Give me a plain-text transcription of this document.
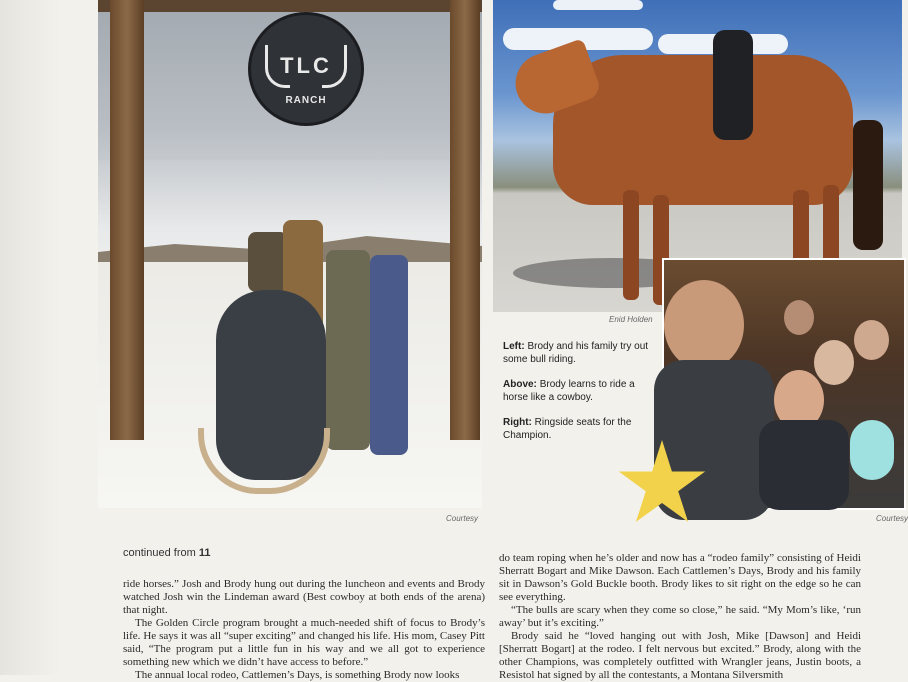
TLC
RANCH
Courtesy
Enid Holden
Courtesy

Left: Brody and his family try out some bull riding.

Above: Brody learns to ride a horse like a cowboy.

Right: Ringside seats for the Champion.

continued from 11

ride horses.” Josh and Brody hung out during the luncheon and events and Brody watched Josh win the Lindeman award (Best cowboy at both ends of the arena) that night.

The Golden Circle program brought a much-needed shift of focus to Brody’s life. He says it was all “super exciting” and changed his life. His mom, Casey Pitt said, “The program put a little fun in his way and we all got to experience something new which we didn’t have access to before.”

The annual local rodeo, Cattlemen’s Days, is something Brody now looks

do team roping when he’s older and now has a “rodeo family” consisting of Heidi Sherratt Bogart and Mike Dawson. Each Cattlemen’s Days, Brody and his family sit in Dawson’s Gold Buckle booth. Brody likes to sit right on the edge so he can see everything.

“The bulls are scary when they come so close,” he said. “My Mom’s like, ‘run away’ but it’s exciting.”

Brody said he “loved hanging out with Josh, Mike [Dawson] and Heidi [Sherratt Bogart] at the rodeo. I felt nervous but excited.” Brody, along with the other Champions, was completely outfitted with Wrangler jeans, Justin boots, a Resistol hat signed by all the contestants, a Montana Silversmith
